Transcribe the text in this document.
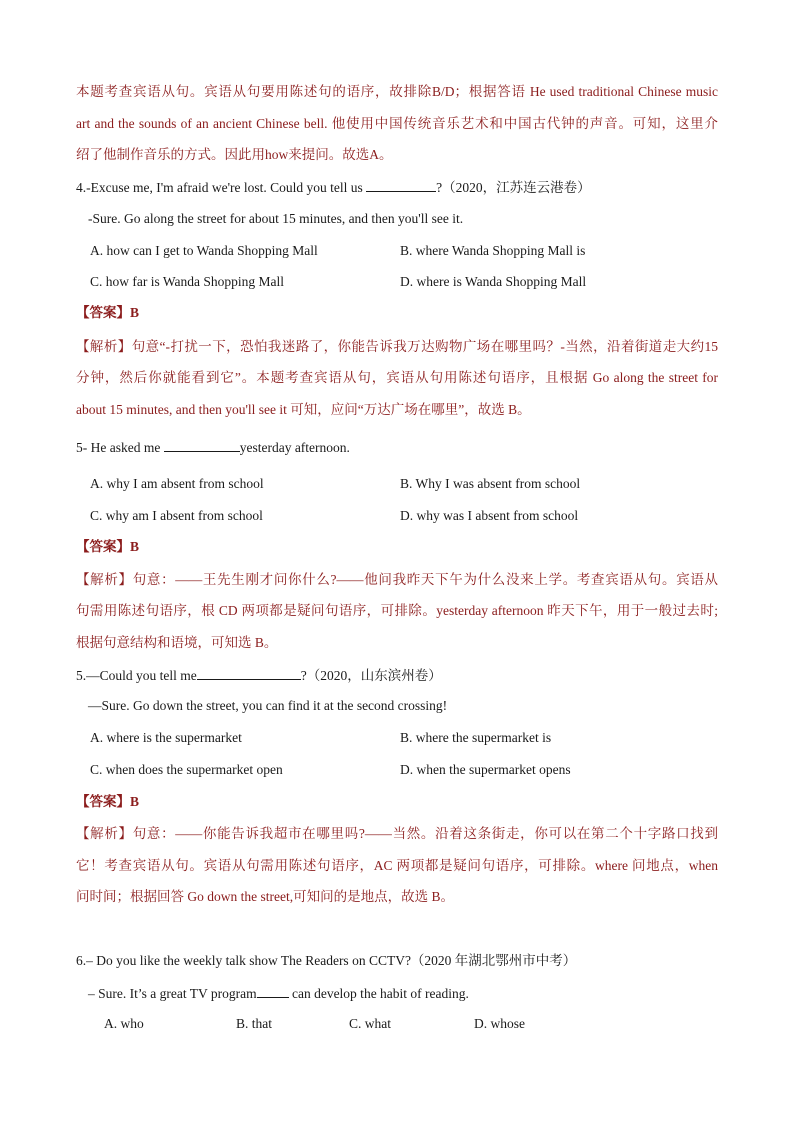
本题考查宾语从句。宾语从句要用陈述句的语序，故排除B/D；根据答语 He used traditional Chinese music
art and the sounds of an ancient Chinese bell. 他使用中国传统音乐艺术和中国古代钟的声音。可知，这里介
绍了他制作音乐的方式。因此用how来提问。故选A。
4.-Excuse me, I'm afraid we're lost. Could you tell us	?（2020，江苏连云港卷）
-Sure. Go along the street for about 15 minutes, and then you'll see it.
A. how can I get to Wanda Shopping Mall	B. where Wanda Shopping Mall is
C. how far is Wanda Shopping Mall	D. where is Wanda Shopping Mall
【答案】B
【解析】句意“-打扰一下，恐怕我迷路了，你能告诉我万达购物广场在哪里吗？-当然，沿着街道走大约15
分钟，然后你就能看到它”。本题考查宾语从句，宾语从句用陈述句语序，且根据 Go along the street for
about 15 minutes, and then you'll see it 可知，应问“万达广场在哪里”，故选 B。
5- He asked me	yesterday afternoon.
A. why I am absent from school	B. Why I was absent from school
C. why am I absent from school	D. why was I absent from school
【答案】B
【解析】句意：——王先生刚才问你什么?——他问我昨天下午为什么没来上学。考查宾语从句。宾语从
句需用陈述句语序，根 CD 两项都是疑问句语序，可排除。yesterday afternoon 昨天下午，用于一般过去时;
根据句意结构和语境，可知选 B。
5.—Could you tell me	?（2020，山东滨州卷）
—Sure. Go down the street, you can find it at the second crossing!
A. where is the supermarket	B. where the supermarket is
C. when does the supermarket open	D. when the supermarket opens
【答案】B
【解析】句意：——你能告诉我超市在哪里吗?——当然。沿着这条街走，你可以在第二个十字路口找到
它！考查宾语从句。宾语从句需用陈述句语序，AC 两项都是疑问句语序，可排除。where 问地点，when
问时间；根据回答 Go down the street,可知问的是地点，故选 B。
6.– Do you like the weekly talk show The Readers on CCTV?（2020 年湖北鄂州市中考）
– Sure. It’s a great TV program can develop the habit of reading.
A. who	B. that	C. what	D. whose
